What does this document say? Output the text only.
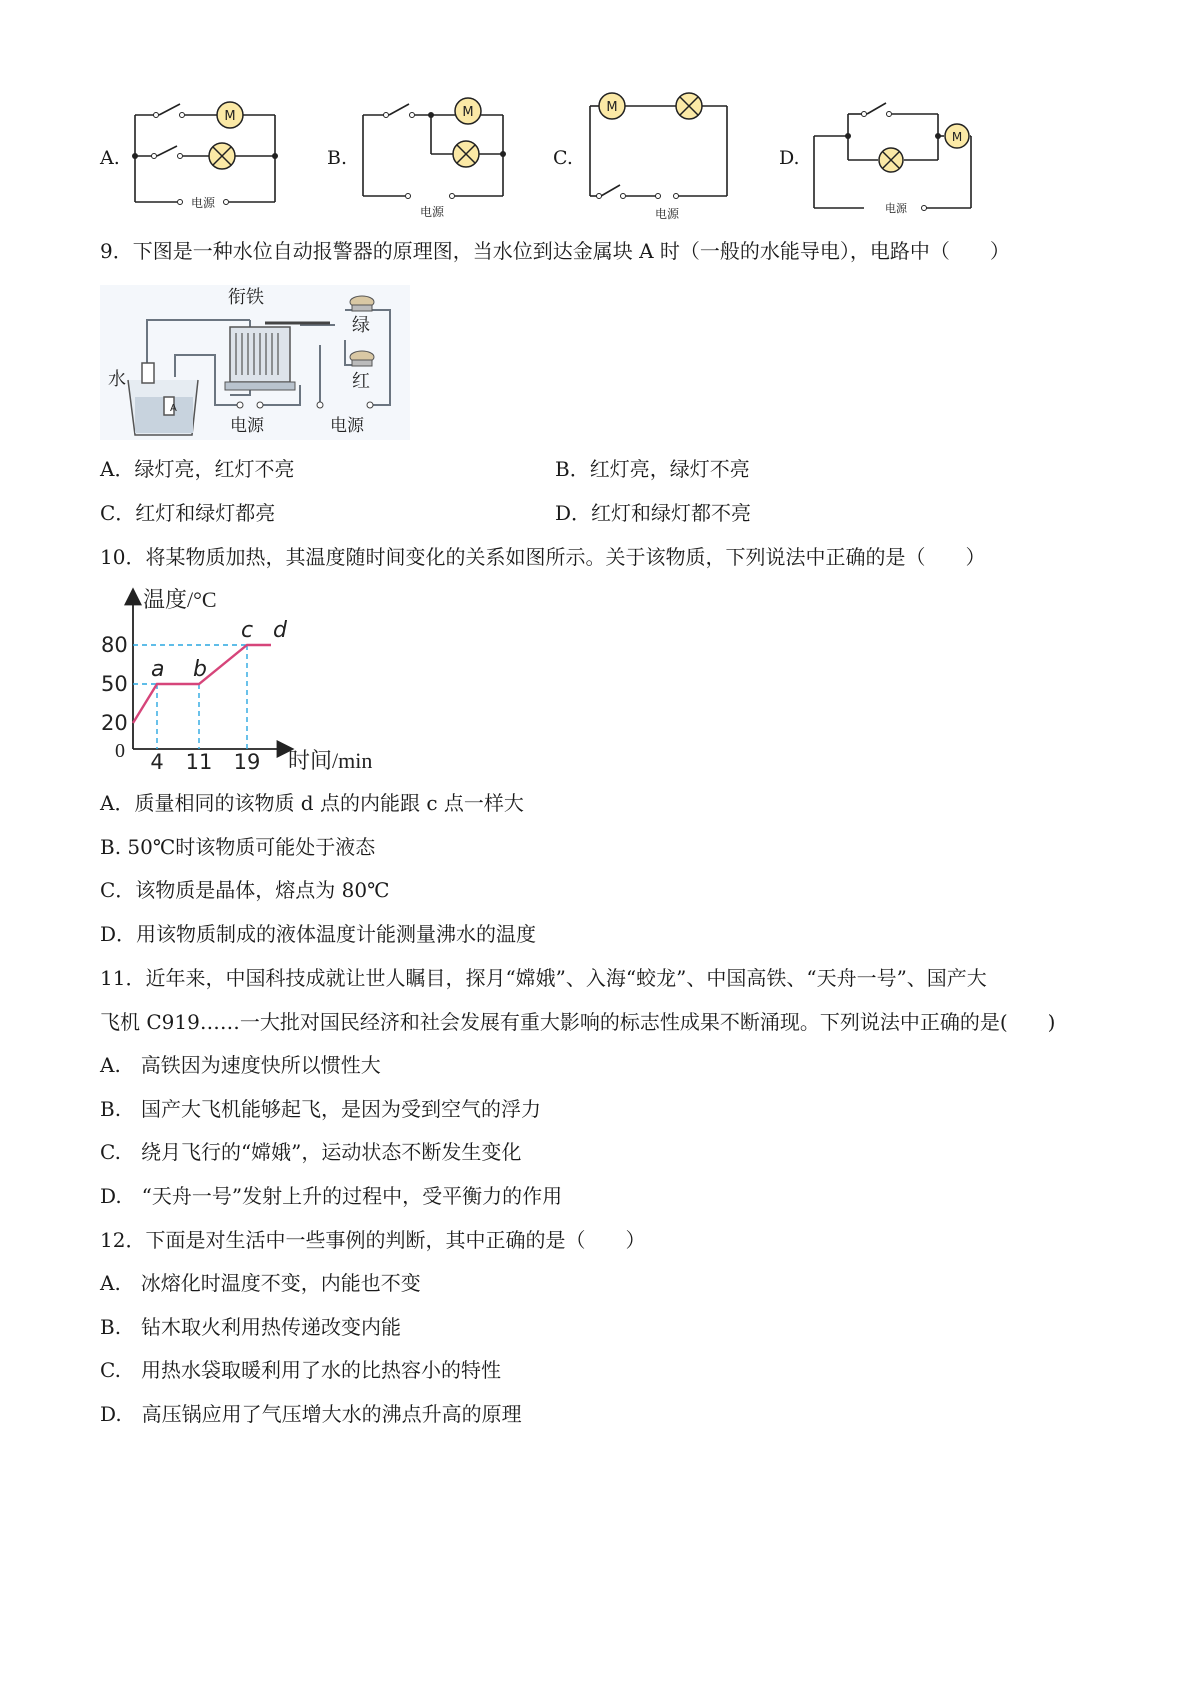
A.
M
电源
B.
M
电源
C.
M
电源
D.
M
电源
9．下图是一种水位自动报警器的原理图，当水位到达金属块 A 时（一般的水能导电），电路中（　　）
衔铁
水
绿
红
电源	电源
A
A．绿灯亮，红灯不亮	B．红灯亮，绿灯不亮
C．红灯和绿灯都亮	D．红灯和绿灯都不亮
10．将某物质加热，其温度随时间变化的关系如图所示。关于该物质，下列说法中正确的是（　　）
a b
c d
20
50
80
4 11 19
温度/°C
时间/min
0
A．质量相同的该物质 d 点的内能跟 c 点一样大
B. 50℃时该物质可能处于液态
C．该物质是晶体，熔点为 80℃
D．用该物质制成的液体温度计能测量沸水的温度
11．近年来，中国科技成就让世人瞩目，探月“嫦娥”、入海“蛟龙”、中国高铁、“天舟一号”、国产大
飞机 C919……一大批对国民经济和社会发展有重大影响的标志性成果不断涌现。下列说法中正确的是(　　)
A.　高铁因为速度快所以惯性大
B.　国产大飞机能够起飞，是因为受到空气的浮力
C.　绕月飞行的“嫦娥”，运动状态不断发生变化
D.　“天舟一号”发射上升的过程中，受平衡力的作用
12．下面是对生活中一些事例的判断，其中正确的是（　　）
A.　冰熔化时温度不变，内能也不变
B.　钻木取火利用热传递改变内能
C.　用热水袋取暖利用了水的比热容小的特性
D.　高压锅应用了气压增大水的沸点升高的原理
